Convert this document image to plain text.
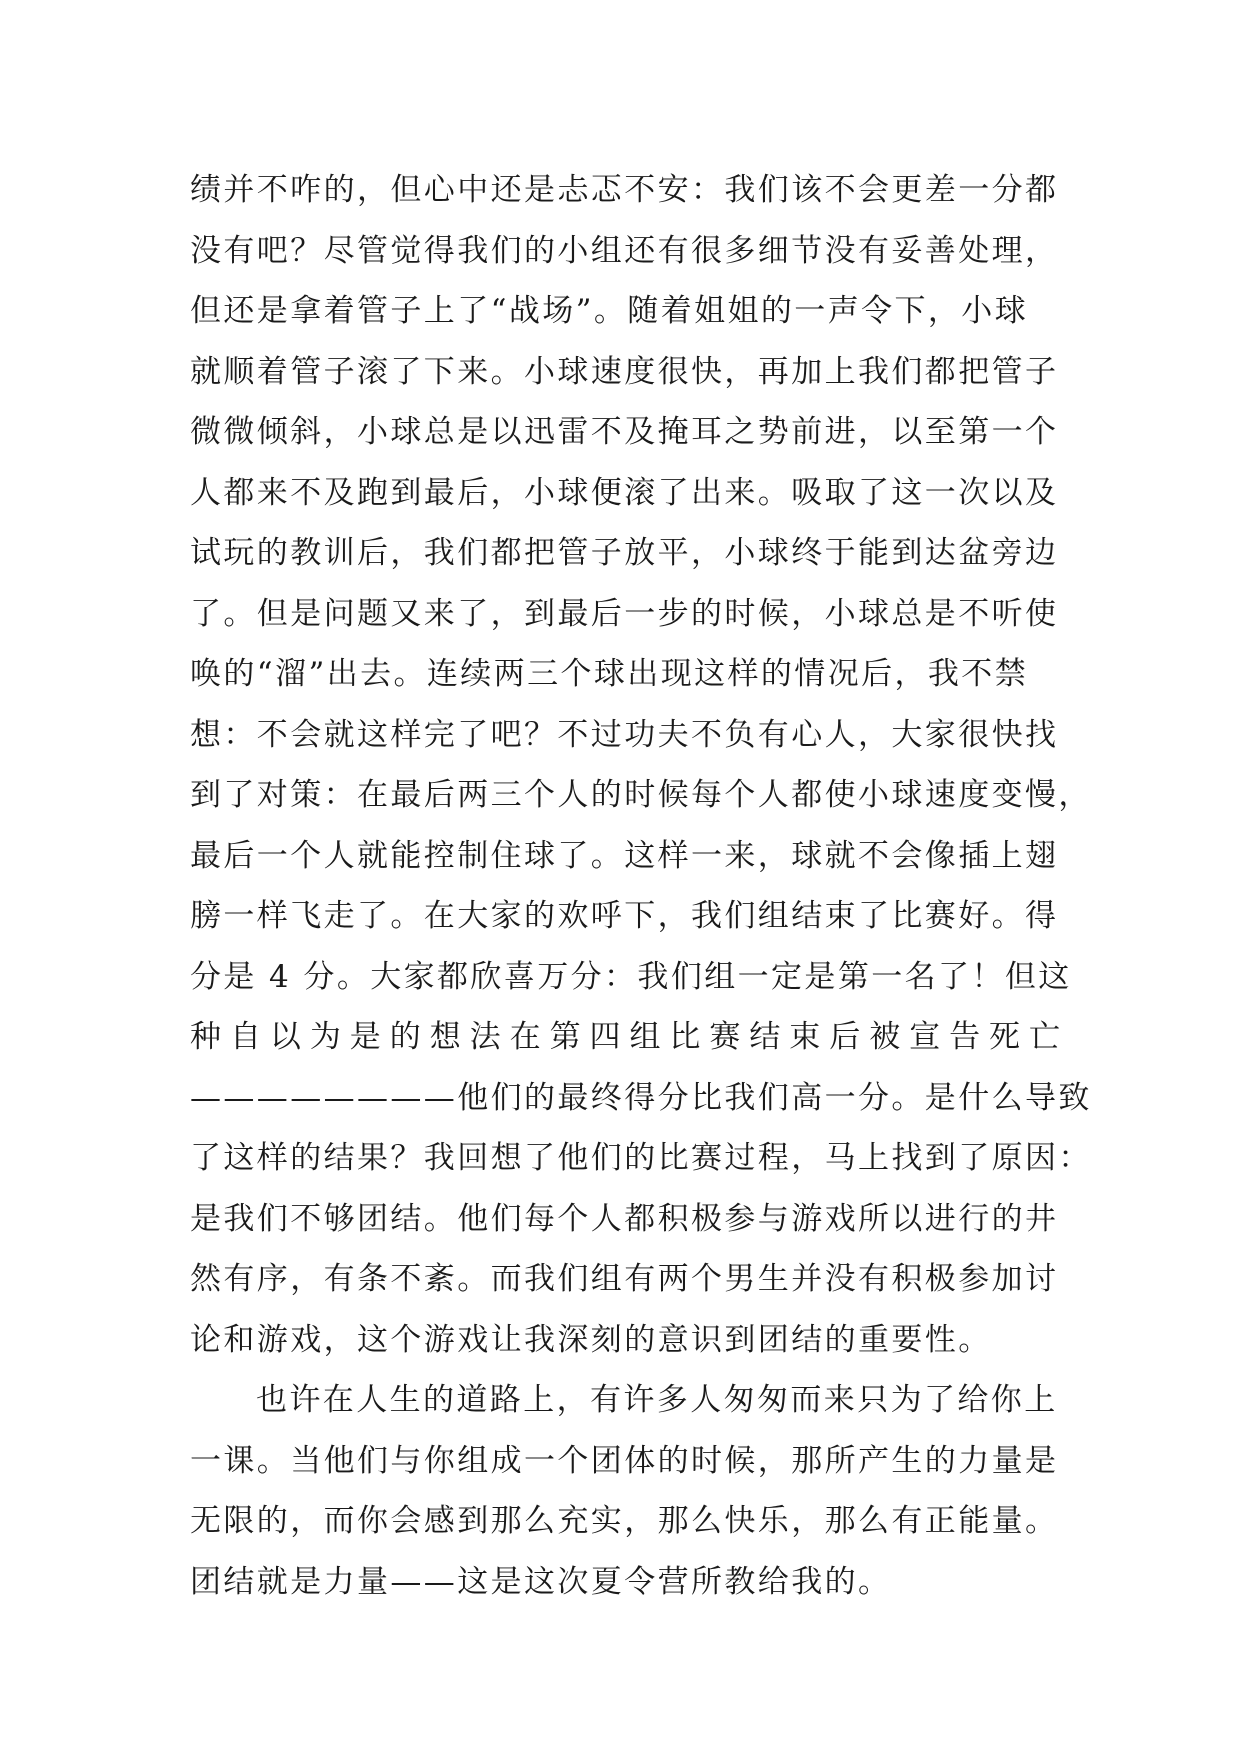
绩并不咋的，但心中还是忐忑不安：我们该不会更差一分都
没有吧？尽管觉得我们的小组还有很多细节没有妥善处理，
但还是拿着管子上了“战场”。随着姐姐的一声令下，小球
就顺着管子滚了下来。小球速度很快，再加上我们都把管子
微微倾斜，小球总是以迅雷不及掩耳之势前进，以至第一个
人都来不及跑到最后，小球便滚了出来。吸取了这一次以及
试玩的教训后，我们都把管子放平，小球终于能到达盆旁边
了。但是问题又来了，到最后一步的时候，小球总是不听使
唤的“溜”出去。连续两三个球出现这样的情况后，我不禁
想：不会就这样完了吧？不过功夫不负有心人，大家很快找
到了对策：在最后两三个人的时候每个人都使小球速度变慢，
最后一个人就能控制住球了。这样一来，球就不会像插上翅
膀一样飞走了。在大家的欢呼下，我们组结束了比赛好。得
分是 4 分。大家都欣喜万分：我们组一定是第一名了！但这
种自以为是的想法在第四组比赛结束后被宣告死亡
————————他们的最终得分比我们高一分。是什么导致
了这样的结果？我回想了他们的比赛过程，马上找到了原因：
是我们不够团结。他们每个人都积极参与游戏所以进行的井
然有序，有条不紊。而我们组有两个男生并没有积极参加讨
论和游戏，这个游戏让我深刻的意识到团结的重要性。
也许在人生的道路上，有许多人匆匆而来只为了给你上
一课。当他们与你组成一个团体的时候，那所产生的力量是
无限的，而你会感到那么充实，那么快乐，那么有正能量。
团结就是力量——这是这次夏令营所教给我的。
